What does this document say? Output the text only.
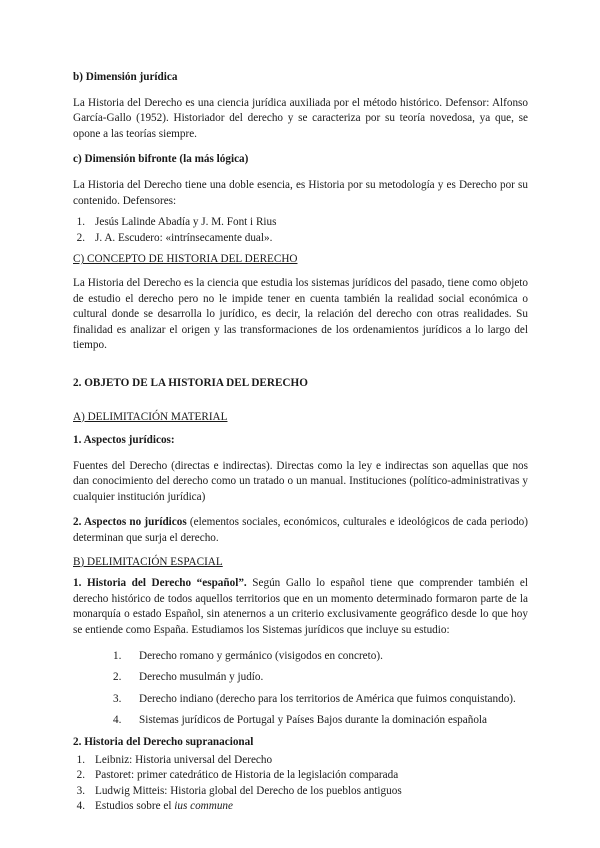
b) Dimensión jurídica

La Historia del Derecho es una ciencia jurídica auxiliada por el método histórico. Defensor: Alfonso García-Gallo (1952). Historiador del derecho y se caracteriza por su teoría novedosa, ya que, se opone a las teorías siempre.

c) Dimensión bifronte (la más lógica)

La Historia del Derecho tiene una doble esencia, es Historia por su metodología y es Derecho por su contenido. Defensores:

1. Jesús Lalinde Abadía y J. M. Font i Rius
2. J. A. Escudero: «intrínsecamente dual».

C) CONCEPTO DE HISTORIA DEL DERECHO

La Historia del Derecho es la ciencia que estudia los sistemas jurídicos del pasado, tiene como objeto de estudio el derecho pero no le impide tener en cuenta también la realidad social económica o cultural donde se desarrolla lo jurídico, es decir, la relación del derecho con otras realidades. Su finalidad es analizar el origen y las transformaciones de los ordenamientos jurídicos a lo largo del tiempo.

2. OBJETO DE LA HISTORIA DEL DERECHO

A) DELIMITACIÓN MATERIAL

1. Aspectos jurídicos:

Fuentes del Derecho (directas e indirectas). Directas como la ley e indirectas son aquellas que nos dan conocimiento del derecho como un tratado o un manual. Instituciones (político-administrativas y cualquier institución jurídica)

2. Aspectos no jurídicos (elementos sociales, económicos, culturales e ideológicos de cada periodo) determinan que surja el derecho.

B) DELIMITACIÓN ESPACIAL

1. Historia del Derecho “español”. Según Gallo lo español tiene que comprender también el derecho histórico de todos aquellos territorios que en un momento determinado formaron parte de la monarquía o estado Español, sin atenernos a un criterio exclusivamente geográfico desde lo que hoy se entiende como España. Estudiamos los Sistemas jurídicos que incluye su estudio:

1. Derecho romano y germánico (visigodos en concreto).
2. Derecho musulmán y judío.
3. Derecho indiano (derecho para los territorios de América que fuimos conquistando).
4. Sistemas jurídicos de Portugal y Países Bajos durante la dominación española

2. Historia del Derecho supranacional

1. Leibniz: Historia universal del Derecho
2. Pastoret: primer catedrático de Historia de la legislación comparada
3. Ludwig Mitteis: Historia global del Derecho de los pueblos antiguos
4. Estudios sobre el ius commune
